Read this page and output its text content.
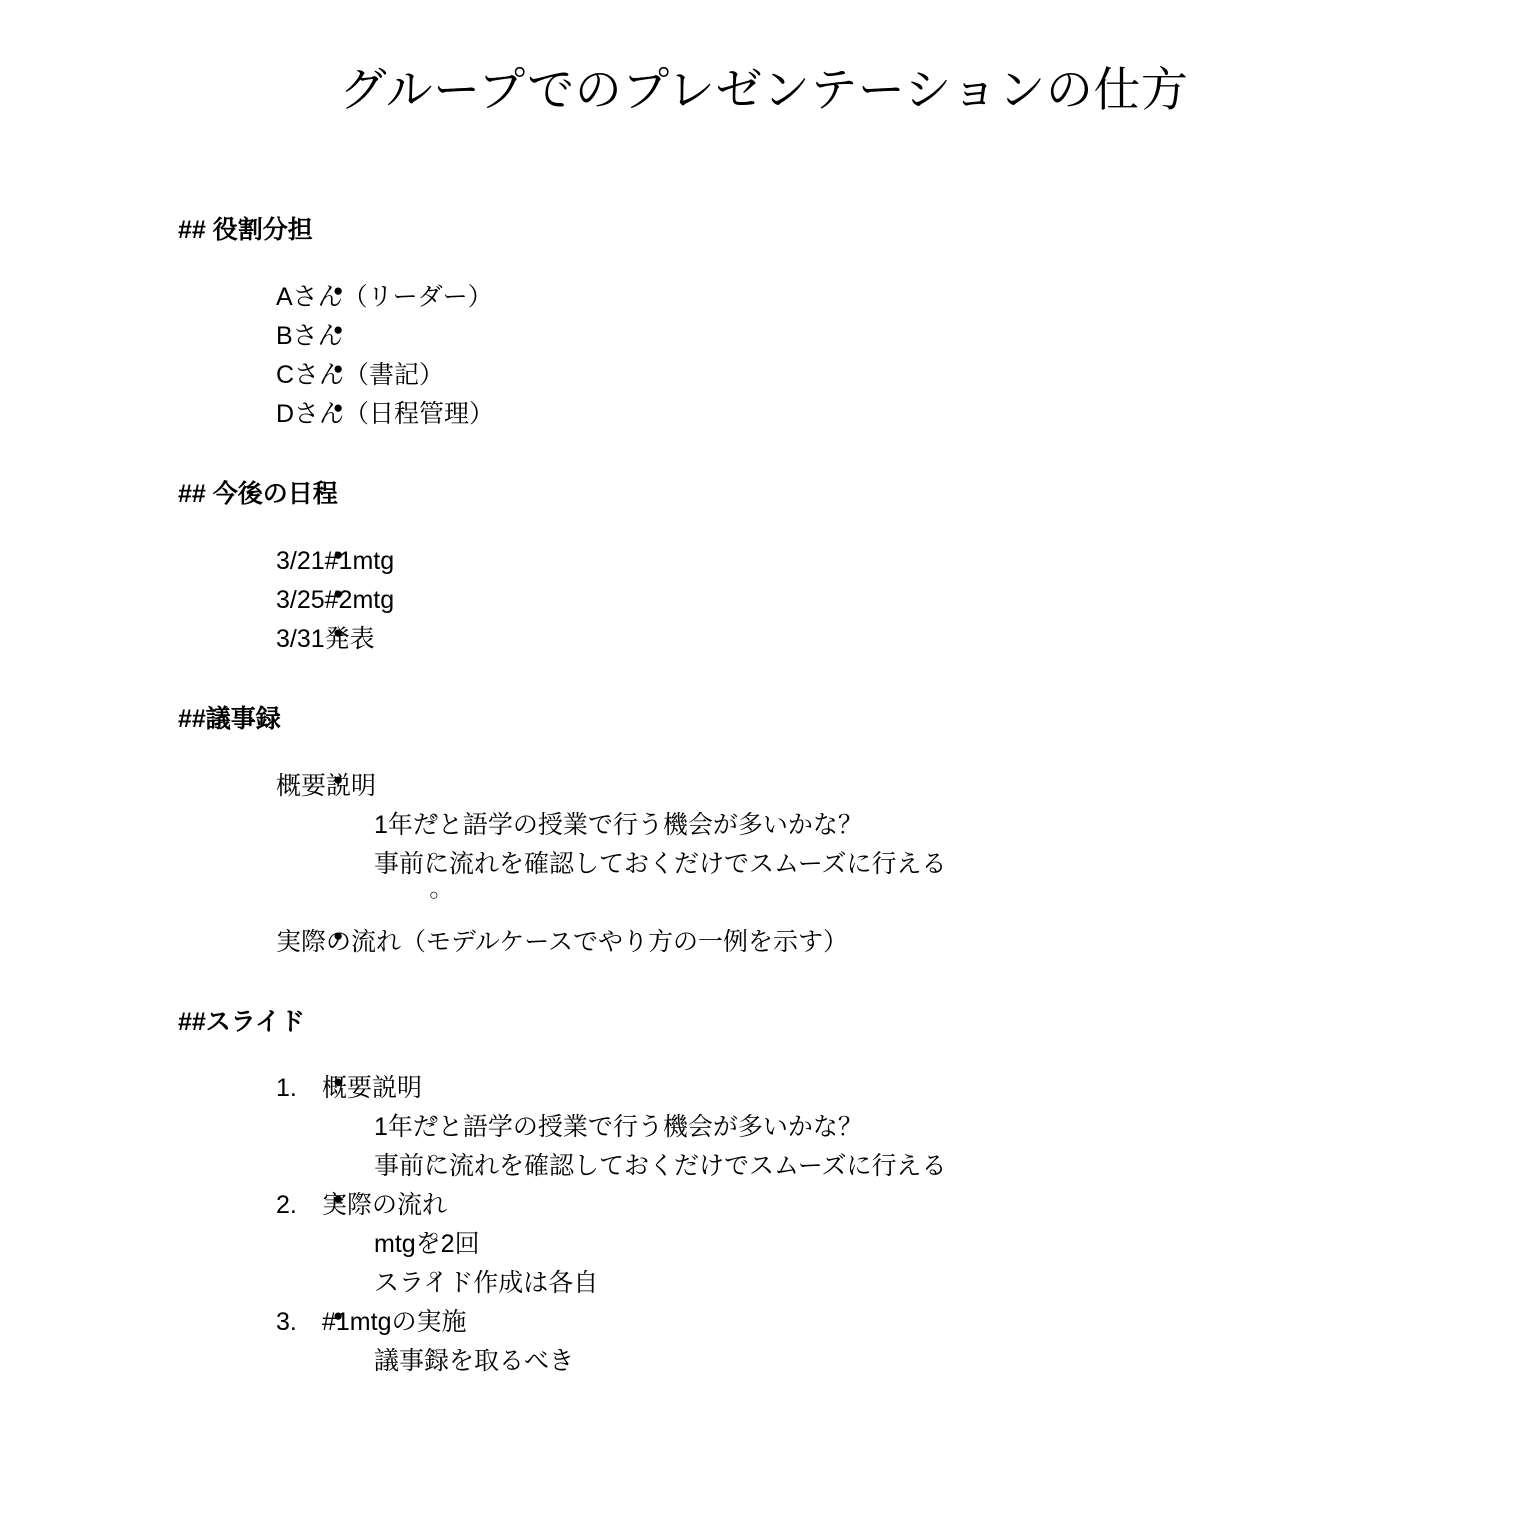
グループでのプレゼンテーションの仕方
## 役割分担
● Aさん（リーダー）
● Bさん
● Cさん（書記）
● Dさん（日程管理）
## 今後の日程
● 3/21#1mtg
● 3/25#2mtg
● 3/31発表
##議事録
● 概要説明
○ 1年だと語学の授業で行う機会が多いかな？
○ 事前に流れを確認しておくだけでスムーズに行える
○
● 実際の流れ（モデルケースでやり方の一例を示す）
##スライド
● 1. 概要説明
○ 1年だと語学の授業で行う機会が多いかな？
○ 事前に流れを確認しておくだけでスムーズに行える
● 2. 実際の流れ
○ mtgを2回
○ スライド作成は各自
● 3. #1mtgの実施
○ 議事録を取るべき
